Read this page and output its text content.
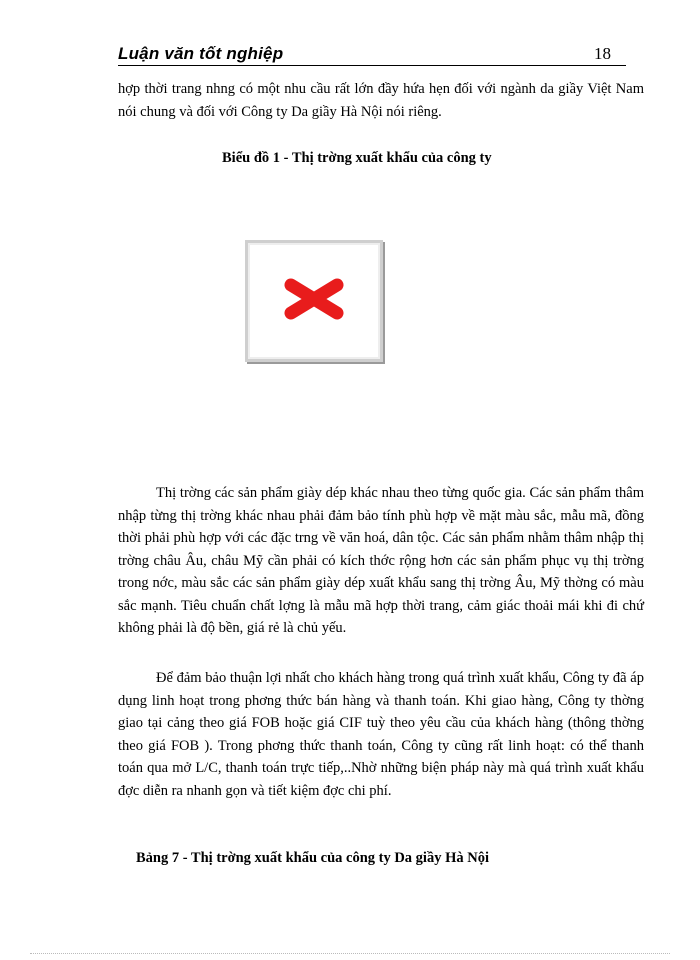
Luận văn tốt nghiệp	18

hợp thời trang nhng có một nhu cầu rất lớn đầy hứa hẹn đối với ngành da giầy Việt Nam nói chung và đối với Công ty Da giầy Hà Nội nói riêng.

Biểu đồ 1 - Thị trờng xuất khẩu của công ty

Thị trờng các sản phẩm giày dép khác nhau theo từng quốc gia. Các sản phẩm thâm nhập từng thị trờng khác nhau phải đảm bảo tính phù hợp về mặt màu sắc, mẫu mã, đồng thời phải phù hợp với các đặc trng về văn hoá, dân tộc. Các sản phẩm nhằm thâm nhập thị trờng châu Âu, châu Mỹ cần phải có kích thớc rộng hơn các sản phẩm phục vụ thị trờng trong nớc, màu sắc các sản phẩm giày dép xuất khẩu sang thị trờng Âu, Mỹ thờng có màu sắc mạnh. Tiêu chuẩn chất lợng là mẫu mã hợp thời trang, cảm giác thoải mái khi đi chứ không phải là độ bền, giá rẻ là chủ yếu.

Để đảm bảo thuận lợi nhất cho khách hàng trong quá trình xuất khẩu, Công ty đã áp dụng linh hoạt trong phơng thức bán hàng và thanh toán. Khi giao hàng, Công ty thờng giao tại cảng theo giá FOB hoặc giá CIF tuỳ theo yêu cầu của khách hàng (thông thờng theo giá FOB ). Trong phơng thức thanh toán, Công ty cũng rất linh hoạt: có thể thanh toán qua mở L/C, thanh toán trực tiếp,..Nhờ những biện pháp này mà quá trình xuất khẩu đợc diễn ra nhanh gọn và tiết kiệm đợc chi phí.

Bảng 7 - Thị trờng xuất khẩu của công ty Da giầy Hà Nội
